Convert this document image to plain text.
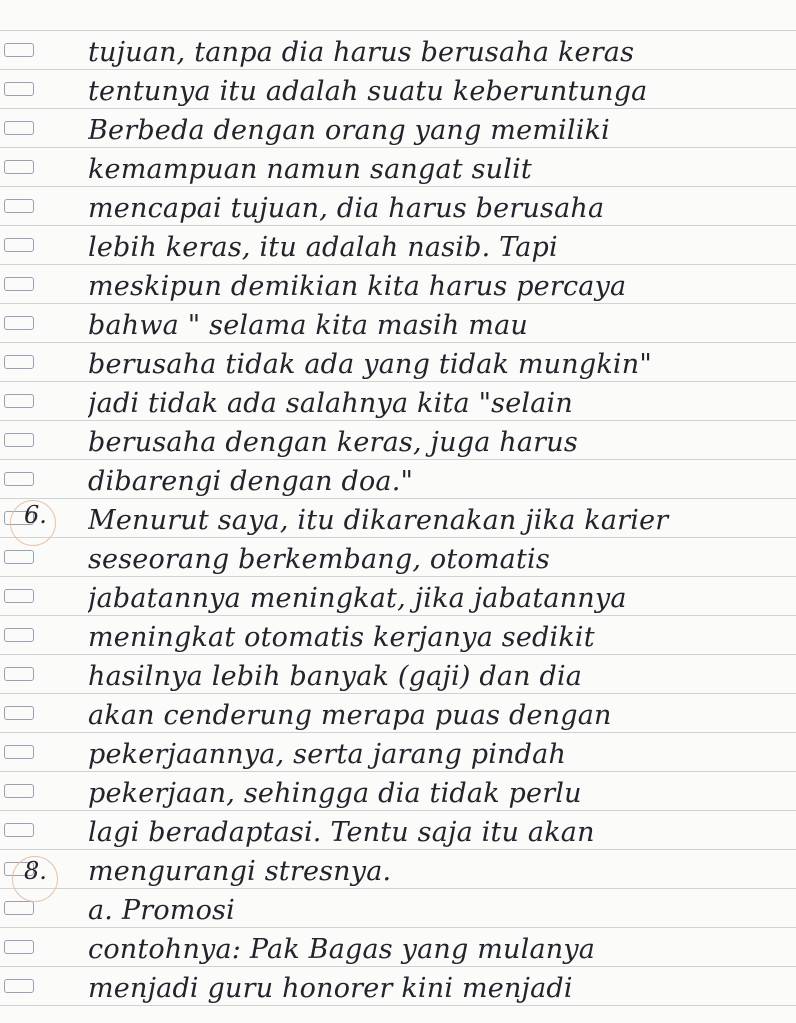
6.
8.
tujuan, tanpa dia harus berusaha keras
tentunya itu adalah suatu keberuntunga
Berbeda dengan orang yang memiliki
kemampuan namun sangat sulit
mencapai tujuan, dia harus berusaha
lebih keras, itu adalah nasib. Tapi
meskipun demikian kita harus percaya
bahwa " selama kita masih mau
berusaha tidak ada yang tidak mungkin"
jadi tidak ada salahnya kita "selain
berusaha dengan keras, juga harus
dibarengi dengan doa."
Menurut saya, itu dikarenakan jika karier
seseorang berkembang, otomatis
jabatannya meningkat, jika jabatannya
meningkat otomatis kerjanya sedikit
hasilnya lebih banyak (gaji) dan dia
akan cenderung merapa puas dengan
pekerjaannya, serta jarang pindah
pekerjaan, sehingga dia tidak perlu
lagi beradaptasi. Tentu saja itu akan
mengurangi stresnya.
a. Promosi
contohnya: Pak Bagas yang mulanya
menjadi guru honorer kini menjadi
